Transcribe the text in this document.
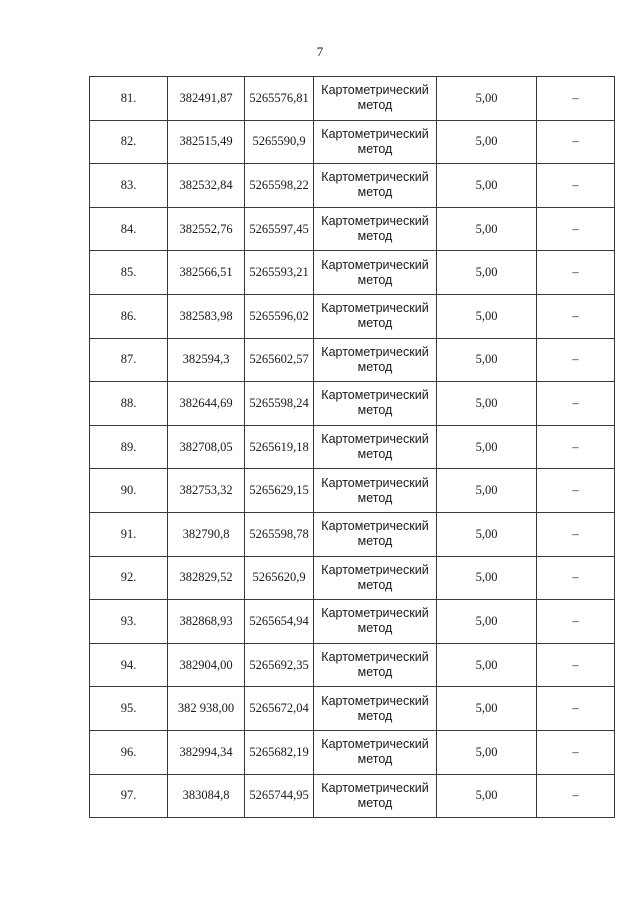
7
81.	382491,87	5265576,81	Картометрический метод	5,00	–
82.	382515,49	5265590,9	Картометрический метод	5,00	–
83.	382532,84	5265598,22	Картометрический метод	5,00	–
84.	382552,76	5265597,45	Картометрический метод	5,00	–
85.	382566,51	5265593,21	Картометрический метод	5,00	–
86.	382583,98	5265596,02	Картометрический метод	5,00	–
87.	382594,3	5265602,57	Картометрический метод	5,00	–
88.	382644,69	5265598,24	Картометрический метод	5,00	–
89.	382708,05	5265619,18	Картометрический метод	5,00	–
90.	382753,32	5265629,15	Картометрический метод	5,00	–
91.	382790,8	5265598,78	Картометрический метод	5,00	–
92.	382829,52	5265620,9	Картометрический метод	5,00	–
93.	382868,93	5265654,94	Картометрический метод	5,00	–
94.	382904,00	5265692,35	Картометрический метод	5,00	–
95.	382 938,00	5265672,04	Картометрический метод	5,00	–
96.	382994,34	5265682,19	Картометрический метод	5,00	–
97.	383084,8	5265744,95	Картометрический метод	5,00	–
